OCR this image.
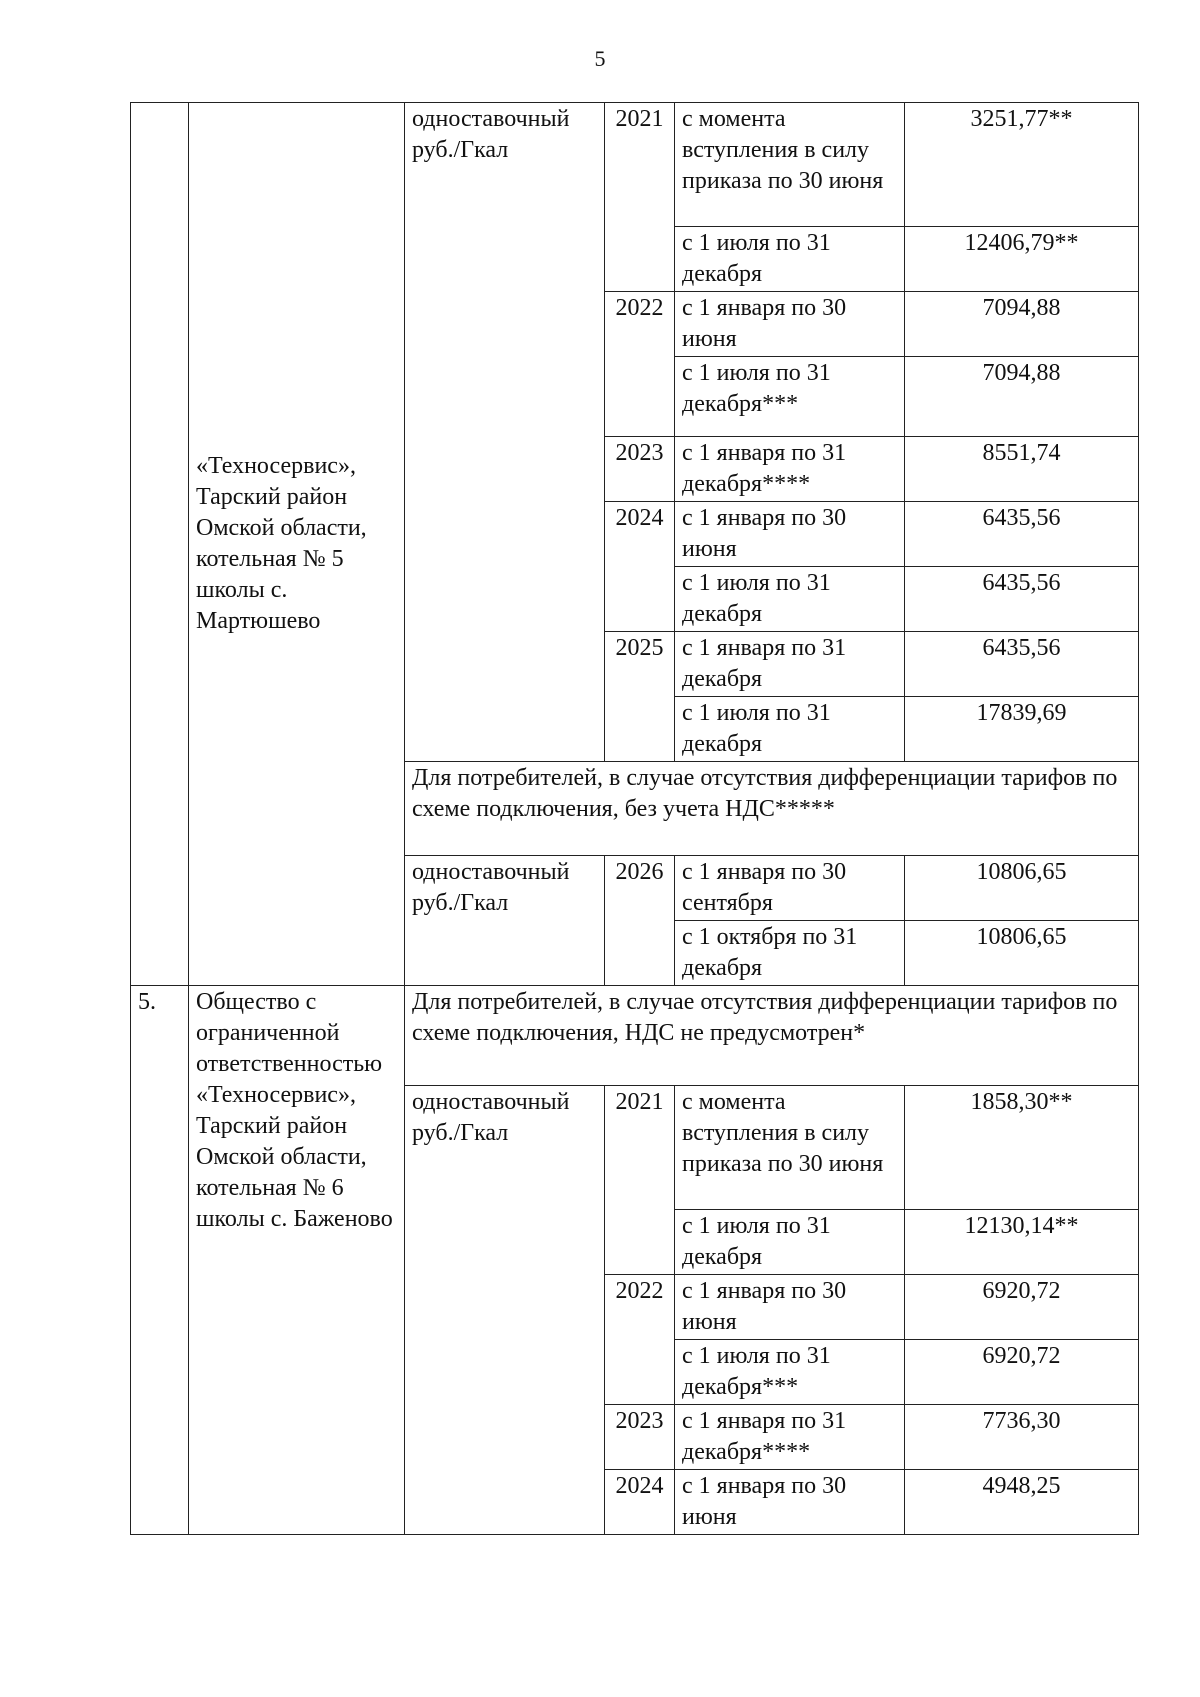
5
	«Техносервис», Тарский район Омской области, котельная № 5 школы с. Мартюшево	одноставочный руб./Гкал	2021	с момента вступления в силу приказа по 30 июня	3251,77**
				с 1 июля по 31 декабря	12406,79**
			2022	с 1 января по 30 июня	7094,88
				с 1 июля по 31 декабря***	7094,88
			2023	с 1 января по 31 декабря****	8551,74
			2024	с 1 января по 30 июня	6435,56
				с 1 июля по 31 декабря	6435,56
			2025	с 1 января по 31 декабря	6435,56
				с 1 июля по 31 декабря	17839,69
		Для потребителей, в случае отсутствия дифференциации тарифов по схеме подключения, без учета НДС*****			
		одноставочный руб./Гкал	2026	с 1 января по 30 сентября	10806,65
				с 1 октября по 31 декабря	10806,65
5.	Общество с ограниченной ответственностью «Техносервис», Тарский район Омской области, котельная № 6 школы с. Баженово	Для потребителей, в случае отсутствия дифференциации тарифов по схеме подключения, НДС не предусмотрен*			
		одноставочный руб./Гкал	2021	с момента вступления в силу приказа по 30 июня	1858,30**
				с 1 июля по 31 декабря	12130,14**
			2022	с 1 января по 30 июня	6920,72
				с 1 июля по 31 декабря***	6920,72
			2023	с 1 января по 31 декабря****	7736,30
			2024	с 1 января по 30 июня	4948,25
